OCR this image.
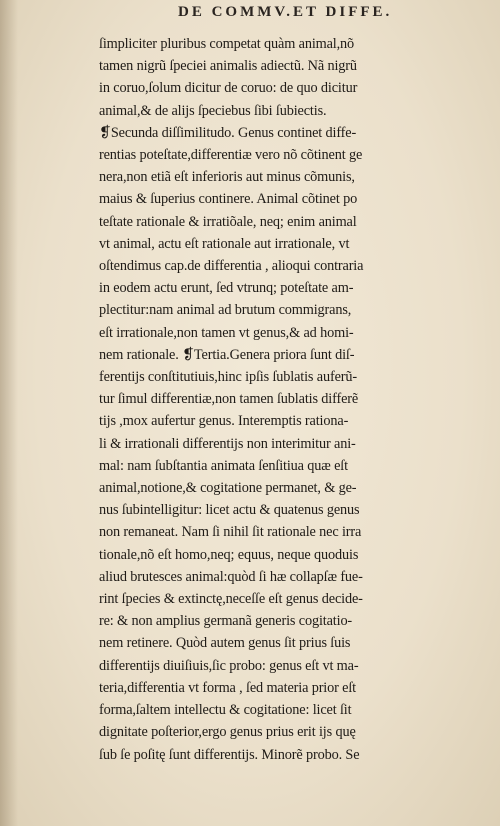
DE COMMV.ET DIFFE.
ſimpliciter pluribus competat quàm animal,nõ
tamen nigrũ ſpeciei animalis adiectũ. Nã nigrũ
in coruo,ſolum dicitur de coruo: de quo dicitur
animal,& de alijs ſpeciebus ſibi ſubiectis.
❡Secunda diſſimilitudo. Genus continet diffe-
rentias poteſtate,differentiæ vero nõ cõtinent ge
nera,non etiã eſt inferioris aut minus cõmunis,
maius & ſuperius continere. Animal cõtinet po
teſtate rationale & irratiõale, neq; enim animal
vt animal, actu eſt rationale aut irrationale, vt
oſtendimus cap.de differentia , alioqui contraria
in eodem actu erunt, ſed vtrunq; poteſtate am-
plectitur:nam animal ad brutum commigrans,
eſt irrationale,non tamen vt genus,& ad homi-
nem rationale. ❡Tertia.Genera priora ſunt diſ-
ferentijs conſtitutiuis,hinc ipſis ſublatis auferũ-
tur ſimul differentiæ,non tamen ſublatis differẽ
tijs ,mox aufertur genus. Interemptis rationa-
li & irrationali differentijs non interimitur ani-
mal: nam ſubſtantia animata ſenſitiua quæ eſt
animal,notione,& cogitatione permanet, & ge-
nus ſubintelligitur: licet actu & quatenus genus
non remaneat. Nam ſi nihil ſit rationale nec irra
tionale,nõ eſt homo,neq; equus, neque quoduis
aliud brutesces animal:quòd ſi hæ collapſæ fue-
rint ſpecies & extinctę,neceſſe eſt genus decide-
re: & non amplius germanã generis cogitatio-
nem retinere. Quòd autem genus ſit prius ſuis
differentijs diuiſiuis,ſic probo: genus eſt vt ma-
teria,differentia vt forma , ſed materia prior eſt
forma,ſaltem intellectu & cogitatione: licet ſit
dignitate poſterior,ergo genus prius erit ijs quę
ſub ſe poſitę ſunt differentijs. Minorẽ probo. Se
